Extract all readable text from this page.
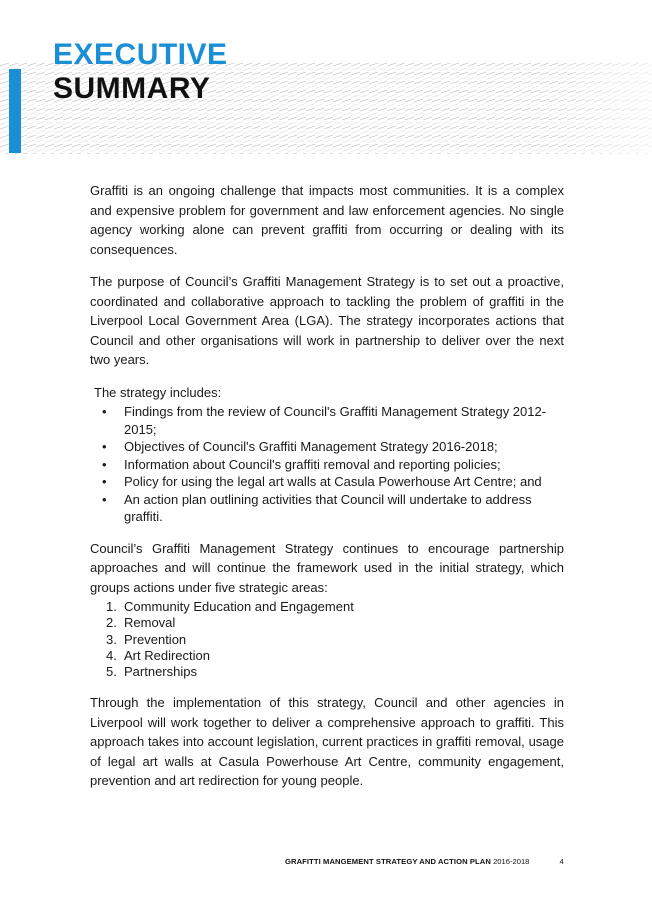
EXECUTIVE
SUMMARY

Graffiti is an ongoing challenge that impacts most communities. It is a complex and expensive problem for government and law enforcement agencies. No single agency working alone can prevent graffiti from occurring or dealing with its consequences.

The purpose of Council’s Graffiti Management Strategy is to set out a proactive, coordinated and collaborative approach to tackling the problem of graffiti in the Liverpool Local Government Area (LGA). The strategy incorporates actions that Council and other organisations will work in partnership to deliver over the next two years.

The strategy includes:
• Findings from the review of Council's Graffiti Management Strategy 2012-2015;
• Objectives of Council's Graffiti Management Strategy 2016-2018;
• Information about Council's graffiti removal and reporting policies;
• Policy for using the legal art walls at Casula Powerhouse Art Centre; and
• An action plan outlining activities that Council will undertake to address graffiti.

Council’s Graffiti Management Strategy continues to encourage partnership approaches and will continue the framework used in the initial strategy, which groups actions under five strategic areas:

1. Community Education and Engagement
2. Removal
3. Prevention
4. Art Redirection
5. Partnerships

Through the implementation of this strategy, Council and other agencies in Liverpool will work together to deliver a comprehensive approach to graffiti. This approach takes into account legislation, current practices in graffiti removal, usage of legal art walls at Casula Powerhouse Art Centre, community engagement, prevention and art redirection for young people.

GRAFITTI MANGEMENT STRATEGY AND ACTION PLAN 2016-2018	4
